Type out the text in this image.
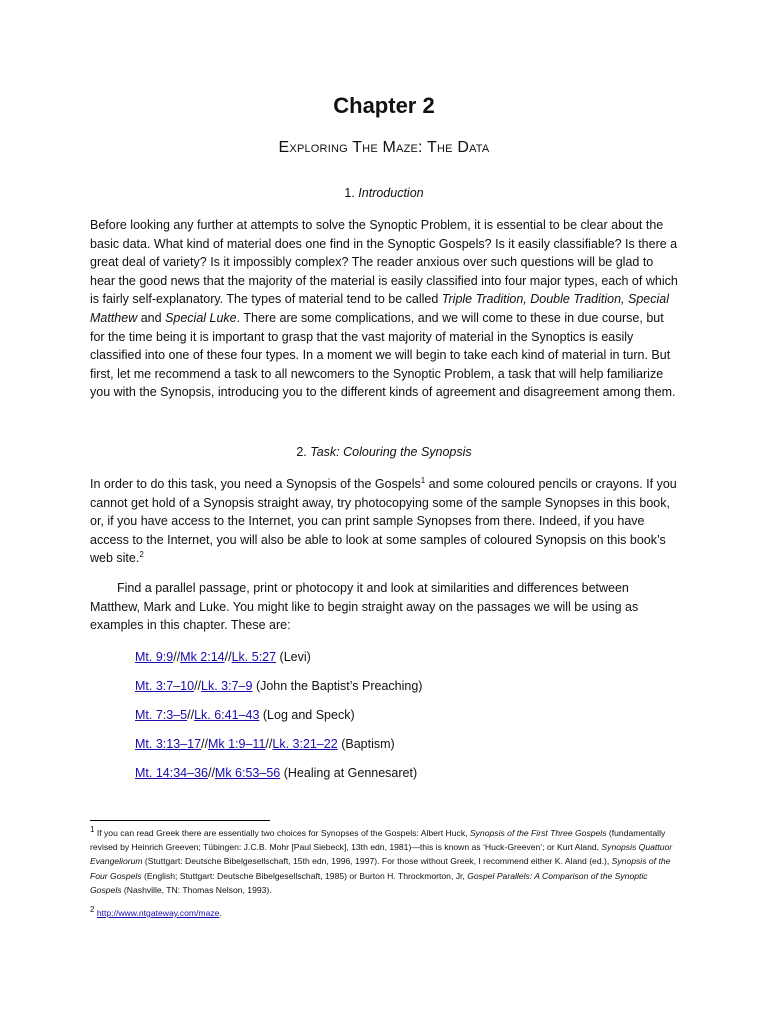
Chapter 2
Exploring The Maze: The Data
1. Introduction

Before looking any further at attempts to solve the Synoptic Problem, it is essential to be clear about the basic data. What kind of material does one find in the Synoptic Gospels? Is it easily classifiable? Is there a great deal of variety? Is it impossibly complex? The reader anxious over such questions will be glad to hear the good news that the majority of the material is easily classified into four major types, each of which is fairly self-explanatory. The types of material tend to be called Triple Tradition, Double Tradition, Special Matthew and Special Luke. There are some complications, and we will come to these in due course, but for the time being it is important to grasp that the vast majority of material in the Synoptics is easily classified into one of these four types. In a moment we will begin to take each kind of material in turn. But first, let me recommend a task to all newcomers to the Synoptic Problem, a task that will help familiarize you with the Synopsis, introducing you to the different kinds of agreement and disagreement among them.

2. Task: Colouring the Synopsis

In order to do this task, you need a Synopsis of the Gospels$^1$ and some coloured pencils or crayons. If you cannot get hold of a Synopsis straight away, try photocopying some of the sample Synopses in this book, or, if you have access to the Internet, you can print sample Synopses from there. Indeed, if you have access to the Internet, you will also be able to look at some samples of coloured Synopsis on this book’s web site.$^2$

Find a parallel passage, print or photocopy it and look at similarities and differences between Matthew, Mark and Luke. You might like to begin straight away on the passages we will be using as examples in this chapter. These are:

Mt. 9:9//Mk 2:14//Lk. 5:27 (Levi)
Mt. 3:7–10//Lk. 3:7–9 (John the Baptist’s Preaching)
Mt. 7:3–5//Lk. 6:41–43 (Log and Speck)
Mt. 3:13–17//Mk 1:9–11//Lk. 3:21–22 (Baptism)
Mt. 14:34–36//Mk 6:53–56 (Healing at Gennesaret)

$^1$ If you can read Greek there are essentially two choices for Synopses of the Gospels: Albert Huck, Synopsis of the First Three Gospels (fundamentally revised by Heinrich Greeven; Tübingen: J.C.B. Mohr [Paul Siebeck], 13th edn, 1981)—this is known as ‘Huck-Greeven’; or Kurt Aland, Synopsis Quattuor Evangeliorum (Stuttgart: Deutsche Bibelgesellschaft, 15th edn, 1996, 1997). For those without Greek, I recommend either K. Aland (ed.), Synopsis of the Four Gospels (English; Stuttgart: Deutsche Bibelgesellschaft, 1985) or Burton H. Throckmorton, Jr, Gospel Parallels: A Comparison of the Synoptic Gospels (Nashville, TN: Thomas Nelson, 1993).

$^2$ http://www.ntgateway.com/maze.
